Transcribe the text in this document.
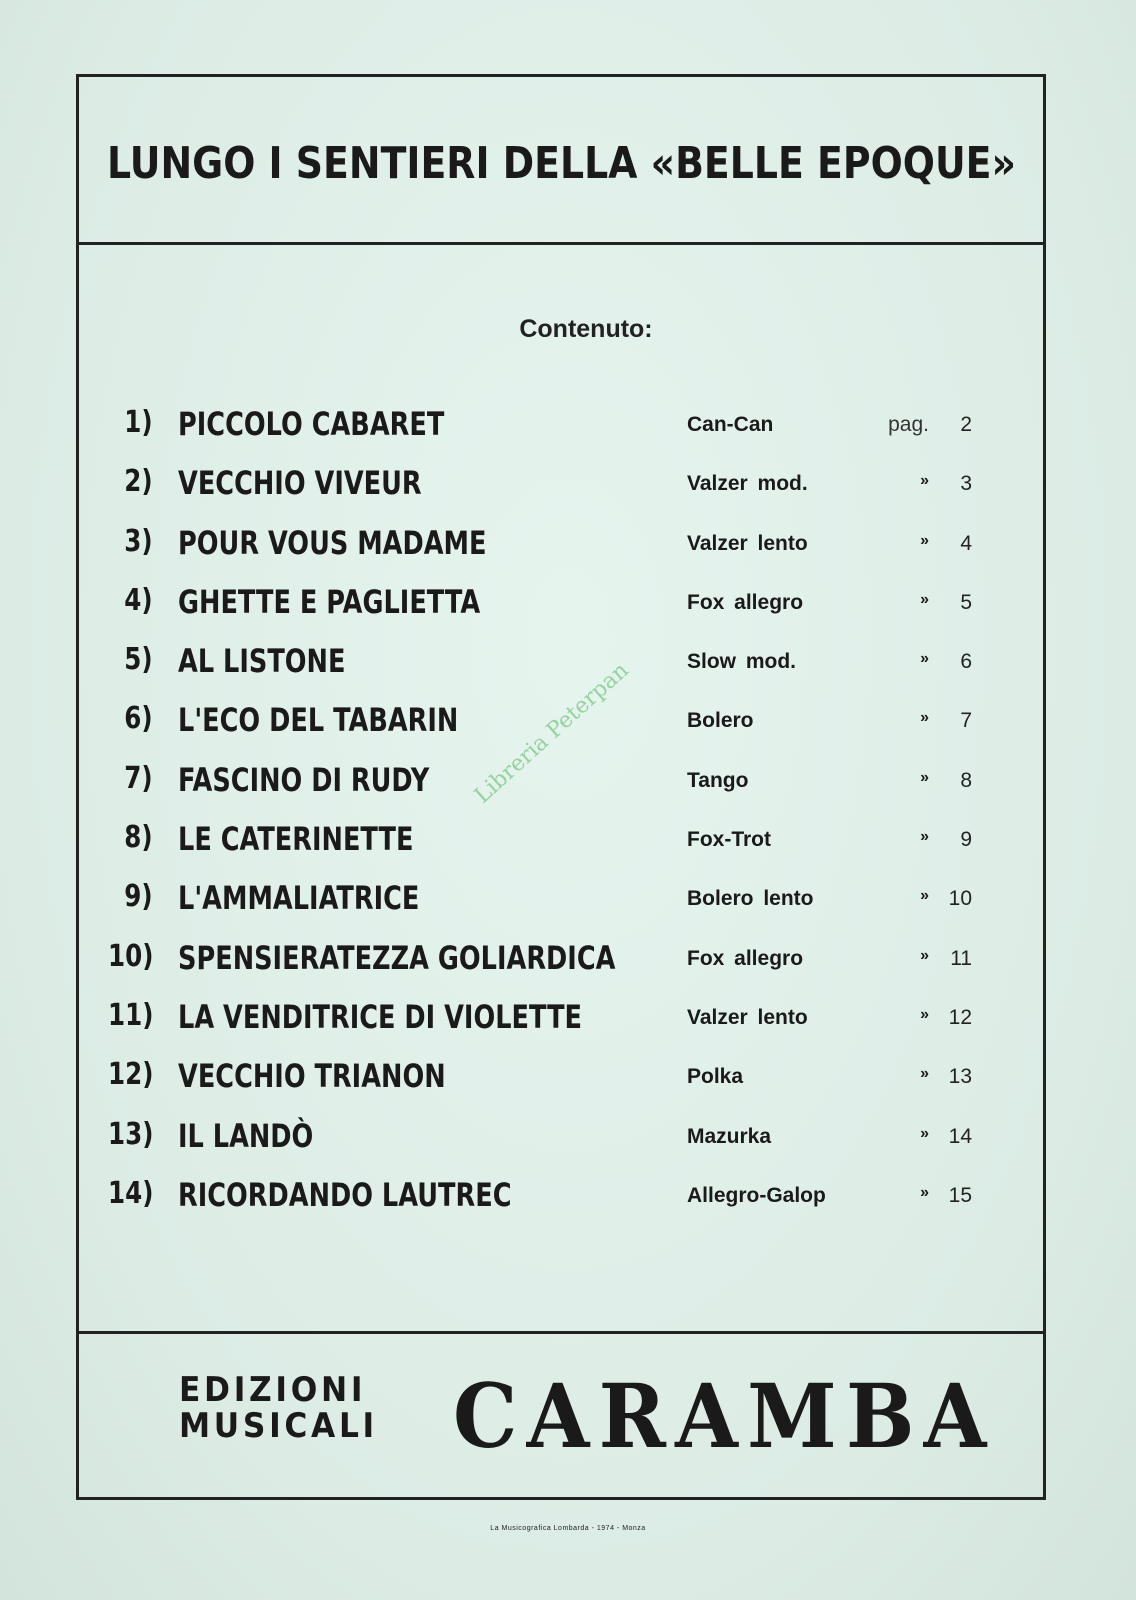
LUNGO I SENTIERI DELLA «BELLE EPOQUE»
Contenuto:
1) PICCOLO CABARET	Can-Can	pag.	2
2) VECCHIO VIVEUR	Valzer mod.	»	3
3) POUR VOUS MADAME	Valzer lento	»	4
4) GHETTE E PAGLIETTA	Fox allegro	»	5
5) AL LISTONE	Slow mod.	»	6
6) L'ECO DEL TABARIN	Bolero	»	7
7) FASCINO DI RUDY	Tango	»	8
8) LE CATERINETTE	Fox-Trot	»	9
9) L'AMMALIATRICE	Bolero lento	» 10
10) SPENSIERATEZZA GOLIARDICA	Fox allegro	»	11
11) LA VENDITRICE DI VIOLETTE	Valzer lento	» 12
12) VECCHIO TRIANON	Polka	» 13
13) IL LANDÒ	Mazurka	» 14
14) RICORDANDO LAUTREC	Allegro-Galop	» 15
EDIZIONI
MUSICALI CARAMBA
Libreria Peterpan
La Musicografica Lombarda - 1974 - Monza
